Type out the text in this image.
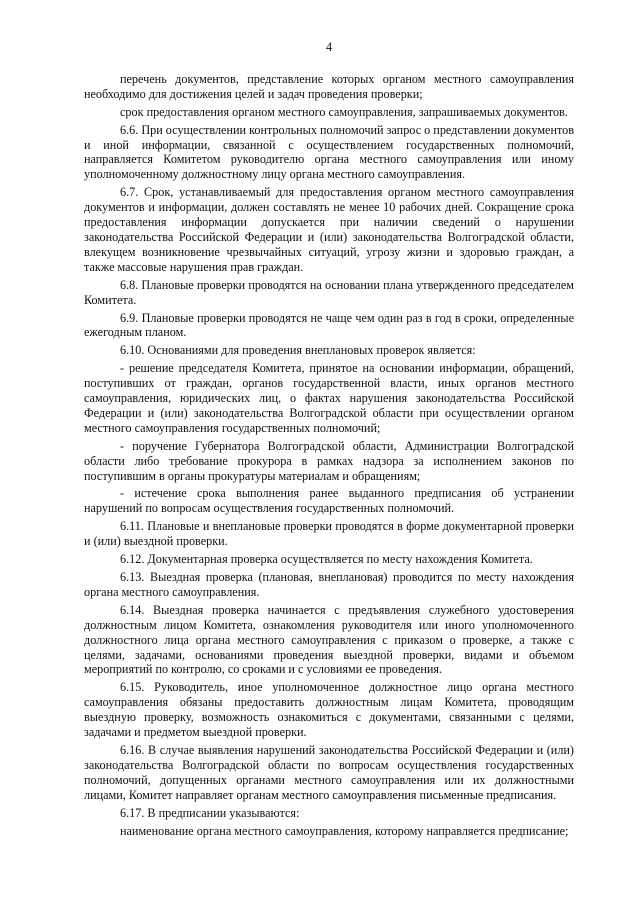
4

перечень документов, представление которых органом местного самоуправления необходимо для достижения целей и задач проведения проверки;

срок предоставления органом местного самоуправления, запрашиваемых документов.

6.6. При осуществлении контрольных полномочий запрос о представлении документов и иной информации, связанной с осуществлением государственных полномочий, направляется Комитетом руководителю органа местного самоуправления или иному уполномоченному должностному лицу органа местного самоуправления.

6.7. Срок, устанавливаемый для предоставления органом местного самоуправления документов и информации, должен составлять не менее 10 рабочих дней. Сокращение срока предоставления информации допускается при наличии сведений о нарушении законодательства Российской Федерации и (или) законодательства Волгоградской области, влекущем возникновение чрезвычайных ситуаций, угрозу жизни и здоровью граждан, а также массовые нарушения прав граждан.

6.8. Плановые проверки проводятся на основании плана утвержденного председателем Комитета.

6.9. Плановые проверки проводятся не чаще чем один раз в год в сроки, определенные ежегодным планом.

6.10. Основаниями для проведения внеплановых проверок является:

- решение председателя Комитета, принятое на основании информации, обращений, поступивших от граждан, органов государственной власти, иных органов местного самоуправления, юридических лиц, о фактах нарушения законодательства Российской Федерации и (или) законодательства Волгоградской области при осуществлении органом местного самоуправления государственных полномочий;

- поручение Губернатора Волгоградской области, Администрации Волгоградской области либо требование прокурора в рамках надзора за исполнением законов по поступившим в органы прокуратуры материалам и обращениям;

- истечение срока выполнения ранее выданного предписания об устранении нарушений по вопросам осуществления государственных полномочий.

6.11. Плановые и внеплановые проверки проводятся в форме документарной проверки и (или) выездной проверки.

6.12. Документарная проверка осуществляется по месту нахождения Комитета.

6.13. Выездная проверка (плановая, внеплановая) проводится по месту нахождения органа местного самоуправления.

6.14. Выездная проверка начинается с предъявления служебного удостоверения должностным лицом Комитета, ознакомления руководителя или иного уполномоченного должностного лица органа местного самоуправления с приказом о проверке, а также с целями, задачами, основаниями проведения выездной проверки, видами и объемом мероприятий по контролю, со сроками и с условиями ее проведения.

6.15. Руководитель, иное уполномоченное должностное лицо органа местного самоуправления обязаны предоставить должностным лицам Комитета, проводящим выездную проверку, возможность ознакомиться с документами, связанными с целями, задачами и предметом выездной проверки.

6.16. В случае выявления нарушений законодательства Российской Федерации и (или) законодательства Волгоградской области по вопросам осуществления государственных полномочий, допущенных органами местного самоуправления или их должностными лицами, Комитет направляет органам местного самоуправления письменные предписания.

6.17. В предписании указываются:

наименование органа местного самоуправления, которому направляется предписание;
